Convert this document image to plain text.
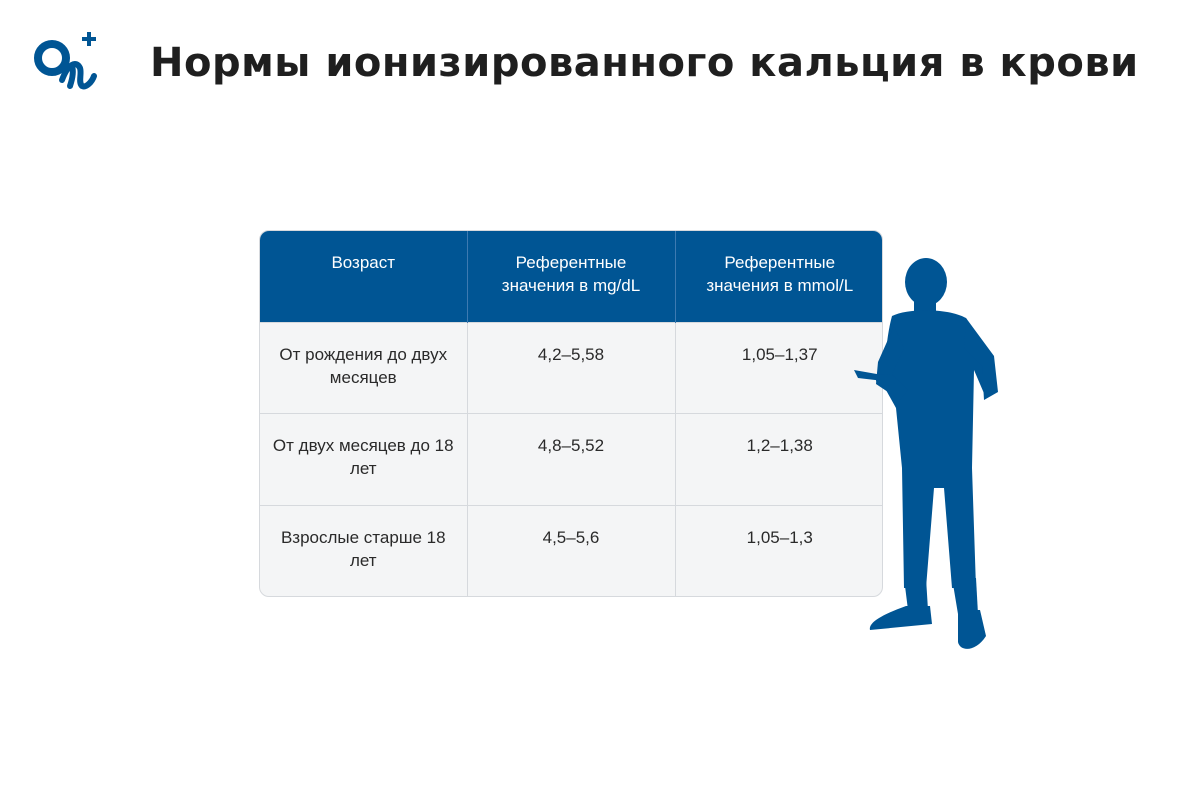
Нормы ионизированного кальция в крови
Возраст	Референтные значения в mg/dL	Референтные значения в mmol/L
От рождения до двух месяцев	4,2–5,58	1,05–1,37
От двух месяцев до 18 лет	4,8–5,52	1,2–1,38
Взрослые старше 18 лет	4,5–5,6	1,05–1,3
